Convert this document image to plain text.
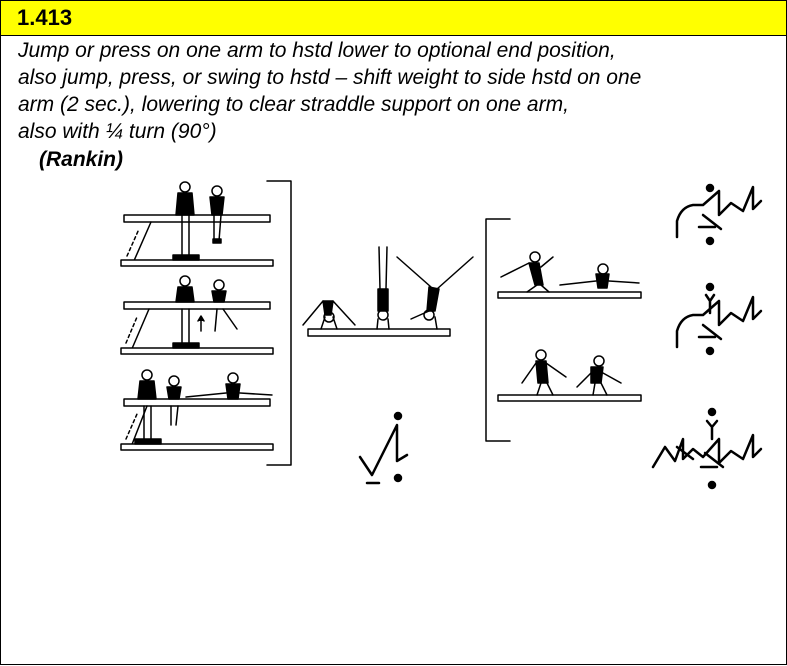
1.413

Jump or press on one arm to hstd lower to optional end position,

also jump, press, or swing to hstd – shift weight to side hstd on one

arm (2 sec.), lowering to clear straddle support on one arm,

also with ¼ turn (90°)

(Rankin)
